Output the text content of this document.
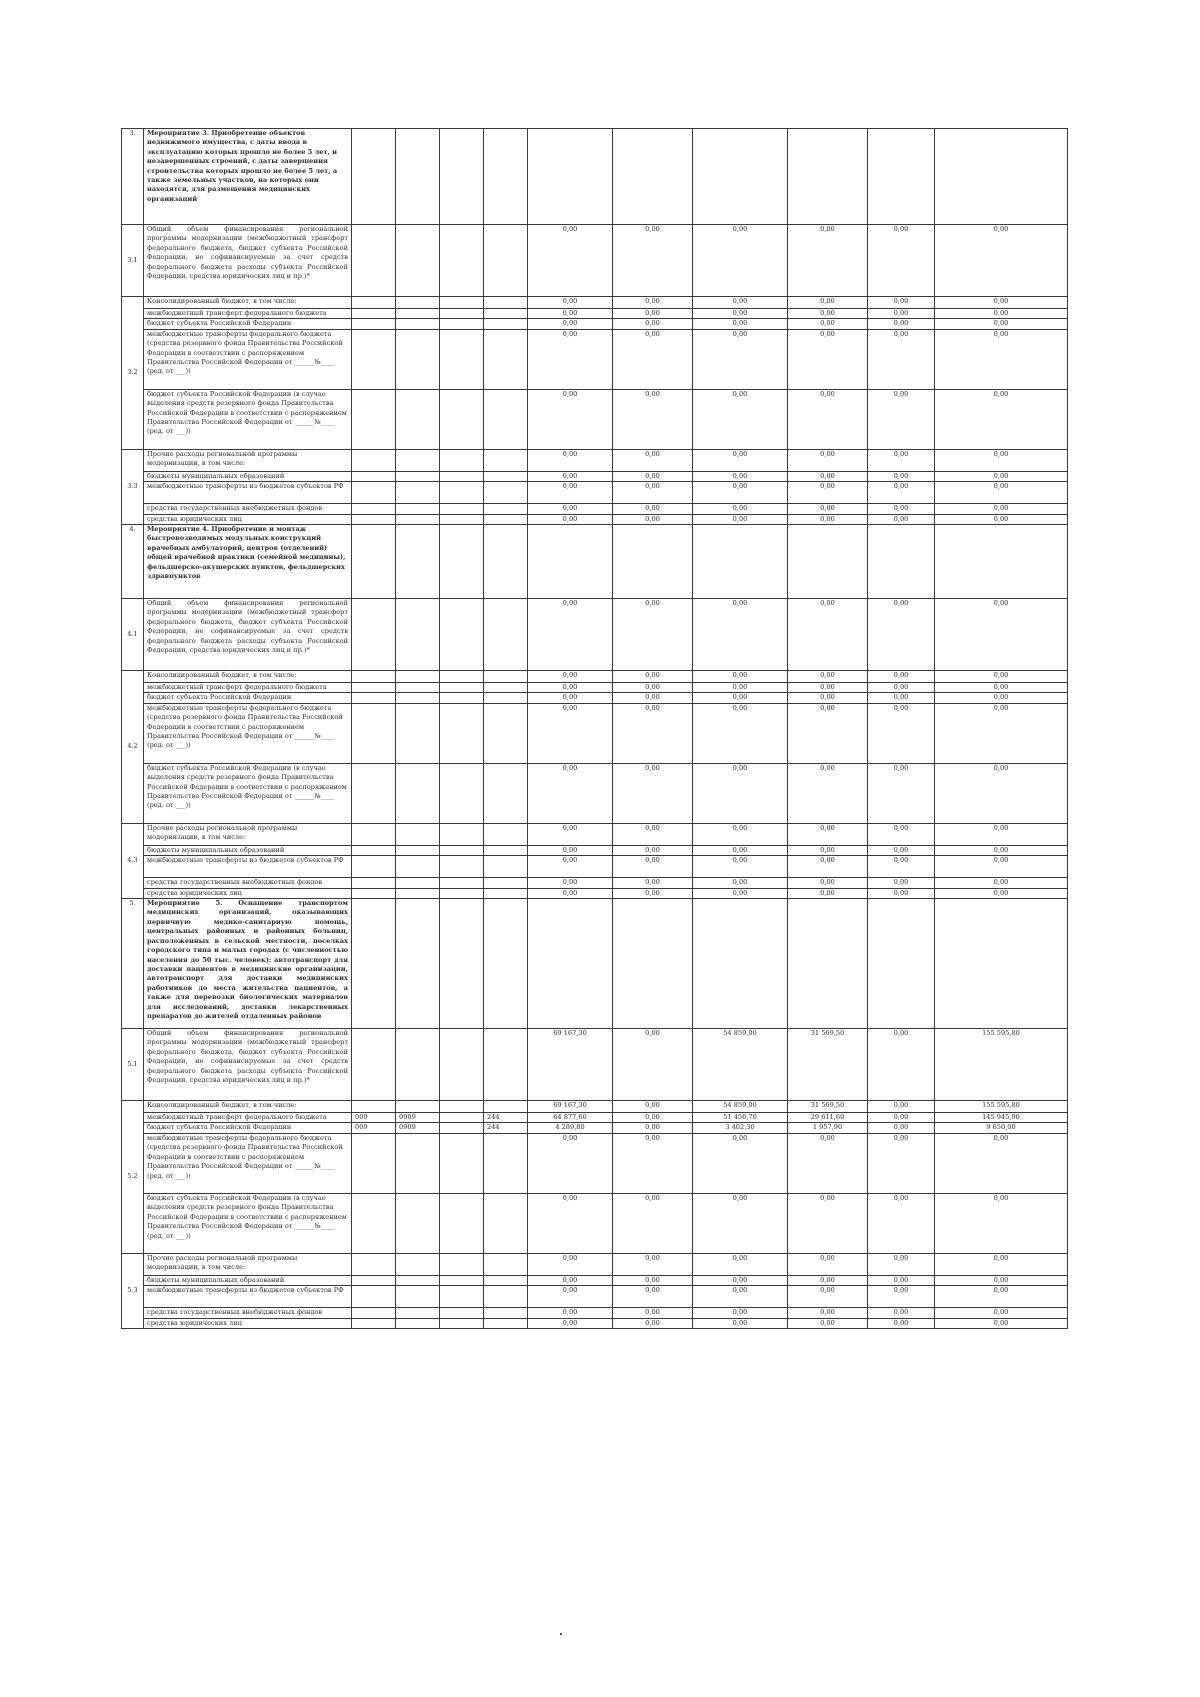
3.	Мероприятие 3. Приобретение объектов недвижимого имущества, с даты ввода в эксплуатацию которых прошло не более 5 лет, и незавершенных строений, с даты завершения строительства которых прошло не более 5 лет, а также земельных участков, на которых они находятся, для размещения медицинских организаций										
3.1	Общий объем финансирования региональной программы модернизации (межбюджетный трансферт федерального бюджета, бюджет субъекта Российской Федерации, не софинансируемые за счет средств федерального бюджета расходы субъекта Российской Федерации, средства юридических лиц и пр.)*					0,00	0,00	0,00	0,00	0,00	0,00
3.2	Консолидированный бюджет, в том числе:					0,00	0,00	0,00	0,00	0,00	0,00
	межбюджетный трансферт федерального бюджета					0,00	0,00	0,00	0,00	0,00	0,00
	бюджет субъекта Российской Федерации					0,00	0,00	0,00	0,00	0,00	0,00
	межбюджетные трансферты федерального бюджета (средства резервного фонда Правительства Российской Федерации в соответствии с распоряжением Правительства Российской Федерации от ______№____ (ред. от ___))					0,00	0,00	0,00	0,00	0,00	0,00
	бюджет субъекта Российской Федерации (в случае выделения средств резервного фонда Правительства Российской Федерации в соответствии с распоряжением Правительства Российской Федерации от ______№____ (ред. от ___))					0,00	0,00	0,00	0,00	0,00	0,00
3.3	Прочие расходы региональной программы модернизации, в том числе:					0,00	0,00	0,00	0,00	0,00	0,00
	бюджеты муниципальных образований					0,00	0,00	0,00	0,00	0,00	0,00
	межбюджетные трансферты из бюджетов субъектов РФ					0,00	0,00	0,00	0,00	0,00	0,00
	средства государственных внебюджетных фондов					0,00	0,00	0,00	0,00	0,00	0,00
	средства юридических лиц					0,00	0,00	0,00	0,00	0,00	0,00
4.	Мероприятие 4. Приобретение и монтаж быстровозводимых модульных конструкций врачебных амбулаторий, центров (отделений) общей врачебной практики (семейной медицины), фельдшерско-акушерских пунктов, фельдшерских здравпунктов										
4.1	Общий объем финансирования региональной программы модернизации (межбюджетный трансферт федерального бюджета, бюджет субъекта Российской Федерации, не софинансируемые за счет средств федерального бюджета расходы субъекта Российской Федерации, средства юридических лиц и пр.)*					0,00	0,00	0,00	0,00	0,00	0,00
4.2	Консолидированный бюджет, в том числе:					0,00	0,00	0,00	0,00	0,00	0,00
	межбюджетный трансферт федерального бюджета					0,00	0,00	0,00	0,00	0,00	0,00
	бюджет субъекта Российской Федерации					0,00	0,00	0,00	0,00	0,00	0,00
	межбюджетные трансферты федерального бюджета (средства резервного фонда Правительства Российской Федерации в соответствии с распоряжением Правительства Российской Федерации от ______№____ (ред. от ___))					0,00	0,00	0,00	0,00	0,00	0,00
	бюджет субъекта Российской Федерации (в случае выделения средств резервного фонда Правительства Российской Федерации в соответствии с распоряжением Правительства Российской Федерации от ______№____ (ред. от ___))					0,00	0,00	0,00	0,00	0,00	0,00
4.3	Прочие расходы региональной программы модернизации, в том числе:					0,00	0,00	0,00	0,00	0,00	0,00
	бюджеты муниципальных образований					0,00	0,00	0,00	0,00	0,00	0,00
	межбюджетные трансферты из бюджетов субъектов РФ					0,00	0,00	0,00	0,00	0,00	0,00
	средства государственных внебюджетных фондов					0,00	0,00	0,00	0,00	0,00	0,00
	средства юридических лиц					0,00	0,00	0,00	0,00	0,00	0,00
5.	Мероприятие 5. Оснащение транспортом медицинских организаций, оказывающих первичную медико-санитарную помощь, центральных районных и районных больниц, расположенных в сельской местности, поселках городского типа и малых городах (с численностью населения до 50 тыс. человек): автотранспорт для доставки пациентов в медицинские организации, автотранспорт для доставки медицинских работников до места жительства пациентов, а также для перевозки биологических материалов для исследований, доставки лекарственных препаратов до жителей отдаленных районов										
5.1	Общий объем финансирования региональной программы модернизации (межбюджетный трансферт федерального бюджета, бюджет субъекта Российской Федерации, не софинансируемые за счет средств федерального бюджета расходы субъекта Российской Федерации, средства юридических лиц и пр.)*					69 167,30	0,00	54 859,00	31 569,50	0,00	155 595,80
5.2	Консолидированный бюджет, в том числе:					69 167,30	0,00	54 859,00	31 569,50	0,00	155 595,80
	межбюджетный трансферт федерального бюджета	009	0909		244	64 877,60	0,00	51 456,70	29 611,60	0,00	145 945,90
	бюджет субъекта Российской Федерации	009	0909		244	4 289,80	0,00	3 402,30	1 957,90	0,00	9 650,00
	межбюджетные трансферты федерального бюджета (средства резервного фонда Правительства Российской Федерации в соответствии с распоряжением Правительства Российской Федерации от ______№____ (ред. от ___))					0,00	0,00	0,00	0,00	0,00	0,00
	бюджет субъекта Российской Федерации (в случае выделения средств резервного фонда Правительства Российской Федерации в соответствии с распоряжением Правительства Российской Федерации от ______№____ (ред. от ___))					0,00	0,00	0,00	0,00	0,00	0,00
5.3	Прочие расходы региональной программы модернизации, в том числе:					0,00	0,00	0,00	0,00	0,00	0,00
	бюджеты муниципальных образований					0,00	0,00	0,00	0,00	0,00	0,00
	межбюджетные трансферты из бюджетов субъектов РФ					0,00	0,00	0,00	0,00	0,00	0,00
	средства государственных внебюджетных фондов					0,00	0,00	0,00	0,00	0,00	0,00
	средства юридических лиц					0,00	0,00	0,00	0,00	0,00	0,00
